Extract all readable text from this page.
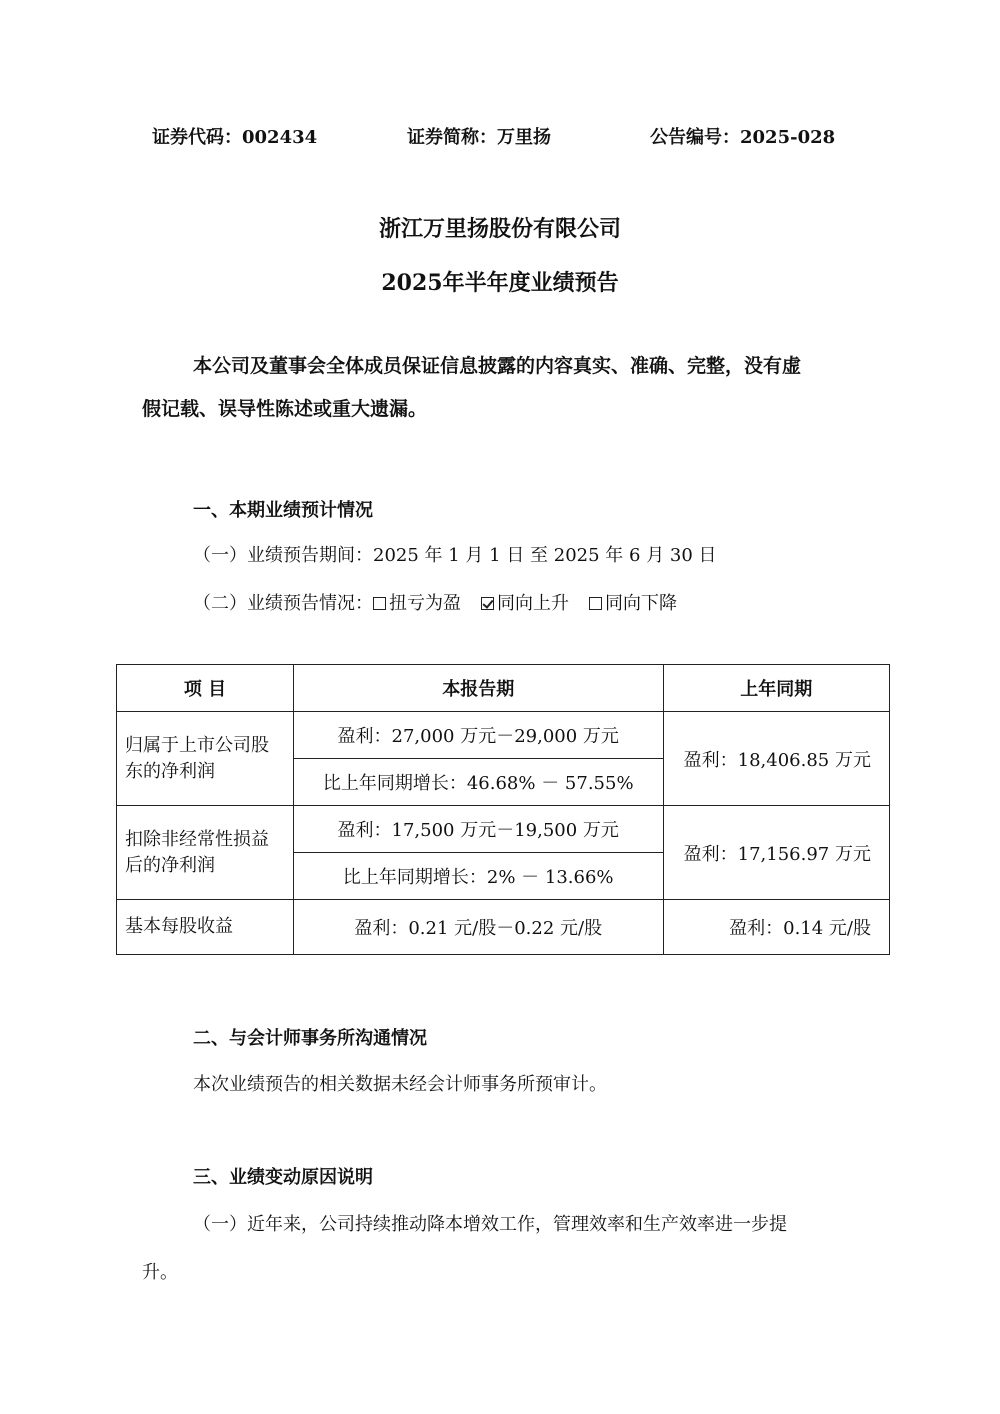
证券代码：002434	证券简称：万里扬	公告编号：2025-028
浙江万里扬股份有限公司
2025年半年度业绩预告
本公司及董事会全体成员保证信息披露的内容真实、准确、完整，没有虚
假记载、误导性陈述或重大遗漏。
一、本期业绩预计情况
（一）业绩预告期间：2025 年 1 月 1 日 至 2025 年 6 月 30 日
（二）业绩预告情况： 扭亏为盈 同向上升 同向下降
项 目	本报告期	上年同期

归属于上市公司股东的净利润	盈利：27,000 万元－29,000 万元	盈利：18,406.85 万元
	比上年同期增长：46.68% － 57.55%	

扣除非经常性损益后的净利润	盈利：17,500 万元－19,500 万元	盈利：17,156.97 万元
	比上年同期增长：2% － 13.66%	
基本每股收益	盈利：0.21 元/股－0.22 元/股	盈利：0.14 元/股
二、与会计师事务所沟通情况
本次业绩预告的相关数据未经会计师事务所预审计。
三、业绩变动原因说明
（一）近年来，公司持续推动降本增效工作，管理效率和生产效率进一步提
升。
